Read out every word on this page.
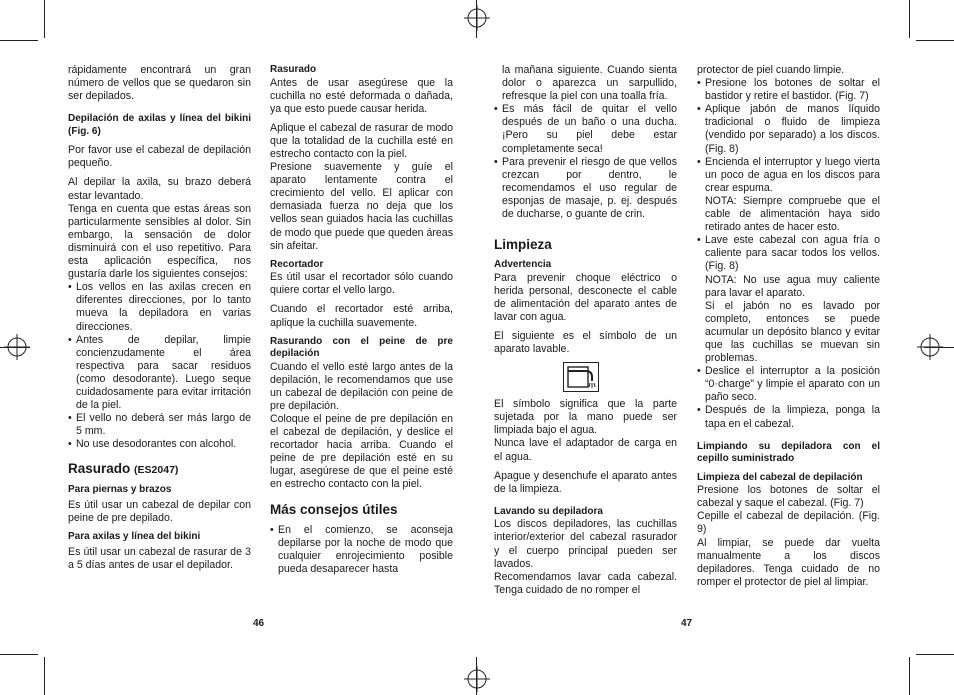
rápidamente encontrará un gran número de vellos que se quedaron sin ser depilados.

Depilación de axilas y línea del bikini (Fig. 6)

Por favor use el cabezal de depilación pequeño.

Al depilar la axila, su brazo deberá estar levantado.

Tenga en cuenta que estas áreas son particularmente sensibles al dolor. Sin embargo, la sensación de dolor disminuirá con el uso repetitivo. Para esta aplicación específica, nos gustaría darle los siguientes consejos:

• Los vellos en las axilas crecen en diferentes direcciones, por lo tanto mueva la depiladora en varias direcciones.
• Antes de depilar, limpie concienzudamente el área respectiva para sacar residuos (como desodorante). Luego seque cuidadosamente para evitar irritación de la piel.
• El vello no deberá ser más largo de 5 mm.
• No use desodorantes con alcohol.

Rasurado (ES2047)

Para piernas y brazos

Es útil usar un cabezal de depilar con peine de pre depilado.

Para axilas y línea del bikini

Es útil usar un cabezal de rasurar de 3 a 5 días antes de usar el depilador.

Rasurado

Antes de usar asegúrese que la cuchilla no esté deformada o dañada, ya que esto puede causar herida.

Aplique el cabezal de rasurar de modo que la totalidad de la cuchilla esté en estrecho contacto con la piel.

Presione suavemente y guíe el aparato lentamente contra el crecimiento del vello. El aplicar con demasiada fuerza no deja que los vellos sean guiados hacia las cuchillas de modo que puede que queden áreas sin afeitar.

Recortador

Es útil usar el recortador sólo cuando quiere cortar el vello largo.

Cuando el recortador esté arriba, aplique la cuchilla suavemente.

Rasurando con el peine de pre depilación

Cuando el vello esté largo antes de la depilación, le recomendamos que use un cabezal de depilación con peine de pre depilación.

Coloque el peine de pre depilación en el cabezal de depilación, y deslice el recortador hacia arriba. Cuando el peine de pre depilación esté en su lugar, asegúrese de que el peine esté en estrecho contacto con la piel.

Más consejos útiles

• En el comienzo, se aconseja depilarse por la noche de modo que cualquier enrojecimiento posible pueda desaparecer hasta
46

la mañana siguiente. Cuando sienta dolor o aparezca un sarpullido, refresque la piel con una toalla fría.

• Es más fácil de quitar el vello después de un baño o una ducha. ¡Pero su piel debe estar completamente seca!
• Para prevenir el riesgo de que vellos crezcan por dentro, le recomendamos el uso regular de esponjas de masaje, p. ej. después de ducharse, o guante de crin.

Limpieza

Advertencia

Para prevenir choque eléctrico o herida personal, desconecte el cable de alimentación del aparato antes de lavar con agua.

El siguiente es el símbolo de un aparato lavable.

El símbolo significa que la parte sujetada por la mano puede ser limpiada bajo el agua.

Nunca lave el adaptador de carga en el agua.

Apague y desenchufe el aparato antes de la limpieza.

Lavando su depiladora

Los discos depiladores, las cuchillas interior/exterior del cabezal rasurador y el cuerpo principal pueden ser lavados.

Recomendamos lavar cada cabezal. Tenga cuidado de no romper el

protector de piel cuando limpie.

• Presione los botones de soltar el bastidor y retire el bastidor. (Fig. 7)
• Aplique jabón de manos líquido tradicional o fluido de limpieza (vendido por separado) a los discos. (Fig. 8)
• Encienda el interruptor y luego vierta un poco de agua en los discos para crear espuma.
NOTA: Siempre compruebe que el cable de alimentación haya sido retirado antes de hacer esto.
• Lave este cabezal con agua fría o caliente para sacar todos los vellos. (Fig. 8)
NOTA: No use agua muy caliente para lavar el aparato.
Si el jabón no es lavado por completo, entonces se puede acumular un depósito blanco y evitar que las cuchillas se muevan sin problemas.
• Deslice el interruptor a la posición “0·charge” y limpie el aparato con un paño seco.
• Después de la limpieza, ponga la tapa en el cabezal.

Limpiando su depiladora con el cepillo suministrado

Limpieza del cabezal de depilación

Presione los botones de soltar el cabezal y saque el cabezal. (Fig. 7)

Cepille el cabezal de depilación. (Fig. 9)

Al limpiar, se puede dar vuelta manualmente a los discos depiladores. Tenga cuidado de no romper el protector de piel al limpiar.

47
